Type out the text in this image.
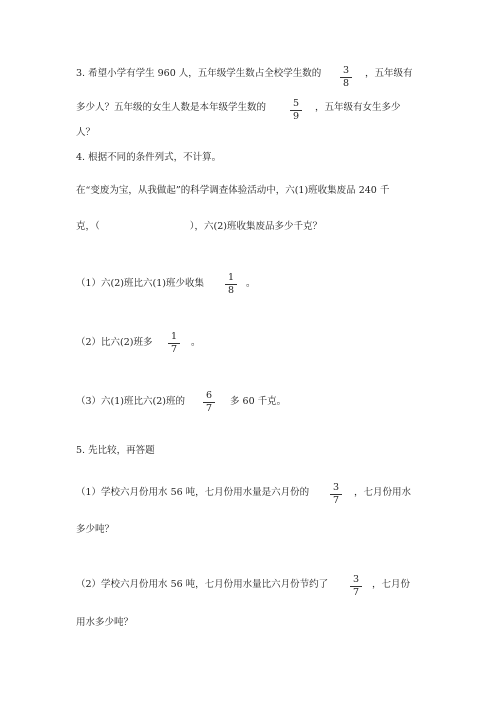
3. 希望小学有学生 960 人，五年级学生数占全校学生数的	3
8
，五年级有
多少人？五年级的女生人数是本年级学生数的	5
9
，五年级有女生多少
人？
4. 根据不同的条件列式，不计算。
在“变废为宝，从我做起”的科学调查体验活动中，六(1)班收集废品 240 千
克，（	），六(2)班收集废品多少千克？
（1）六(2)班比六(1)班少收集
1
8
。
（2）比六(2)班多
1
7
。
（3）六(1)班比六(2)班的
6
7
多 60 千克。
5. 先比较，再答题
（1）学校六月份用水 56 吨，七月份用水量是六月份的	3
7
，七月份用水
多少吨？
（2）学校六月份用水 56 吨，七月份用水量比六月份节约了	3
7
，七月份
用水多少吨？
